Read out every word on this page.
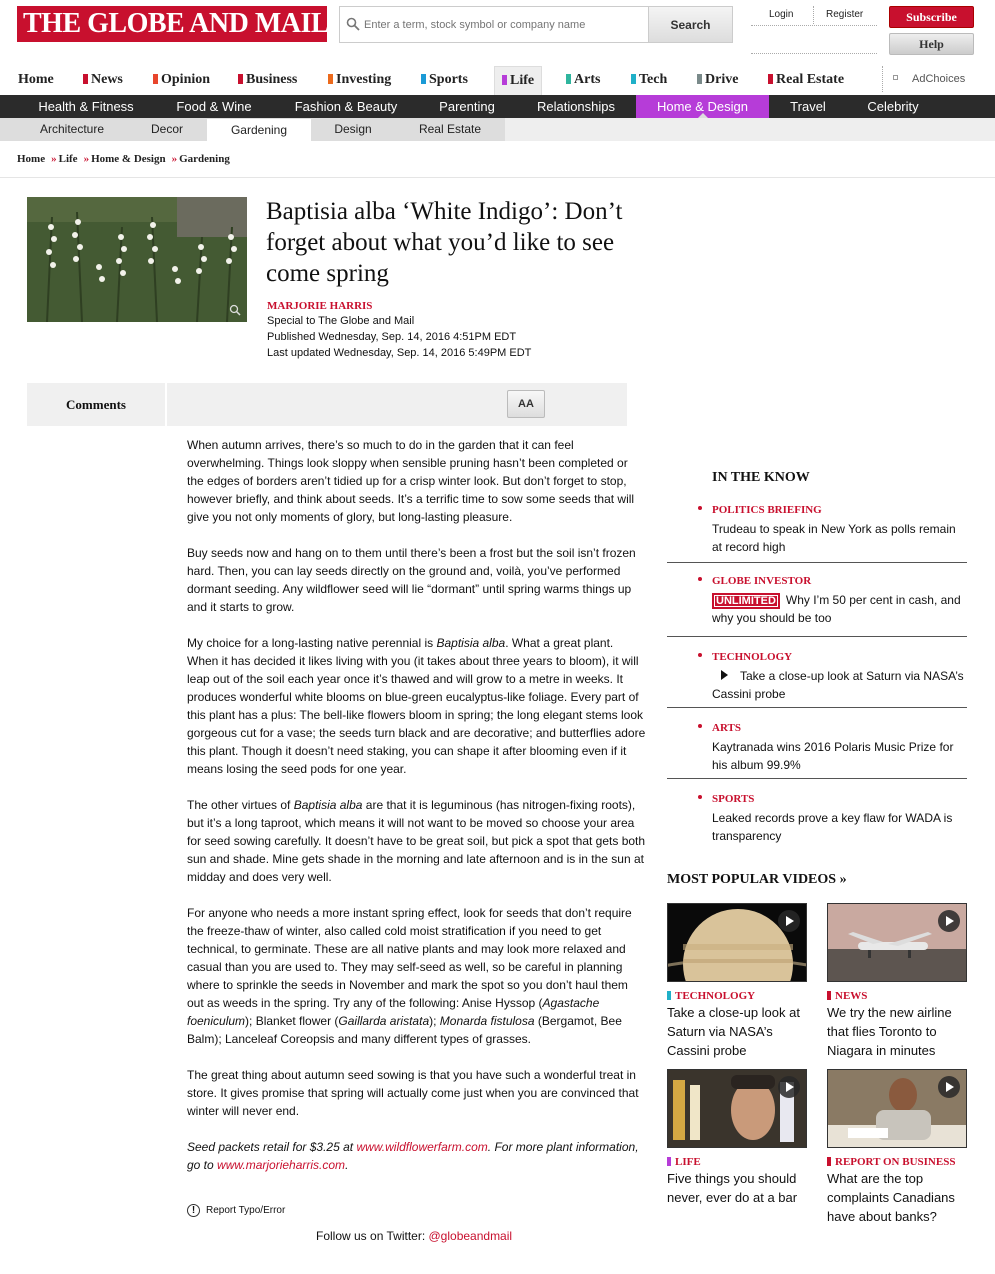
THE GLOBE AND MAIL
Enter a term, stock symbol or company name	Search
Login	Register	Subscribe
Help
Home	News	Opinion	Business	Investing	Sports	Life	Arts	Tech	Drive	Real Estate	AdChoices
Health & Fitness	Food & Wine	Fashion & Beauty	Parenting	Relationships	Home & Design	Travel	Celebrity
Architecture	Decor	Gardening	Design	Real Estate
Home » Life » Home & Design » Gardening
Baptisia alba ‘White Indigo’: Don’t forget about what you’d like to see come spring
MARJORIE HARRIS
Special to The Globe and Mail
Published Wednesday, Sep. 14, 2016 4:51PM EDT
Last updated Wednesday, Sep. 14, 2016 5:49PM EDT
Comments	AA

When autumn arrives, there’s so much to do in the garden that it can feel overwhelming. Things look sloppy when sensible pruning hasn’t been completed or the edges of borders aren’t tidied up for a crisp winter look. But don’t forget to stop, however briefly, and think about seeds. It’s a terrific time to sow some seeds that will give you not only moments of glory, but long-lasting pleasure.

Buy seeds now and hang on to them until there’s been a frost but the soil isn’t frozen hard. Then, you can lay seeds directly on the ground and, voilà, you’ve performed dormant seeding. Any wildflower seed will lie “dormant” until spring warms things up and it starts to grow.

My choice for a long-lasting native perennial is Baptisia alba. What a great plant. When it has decided it likes living with you (it takes about three years to bloom), it will leap out of the soil each year once it’s thawed and will grow to a metre in weeks. It produces wonderful white blooms on blue-green eucalyptus-like foliage. Every part of this plant has a plus: The bell-like flowers bloom in spring; the long elegant stems look gorgeous cut for a vase; the seeds turn black and are decorative; and butterflies adore this plant. Though it doesn’t need staking, you can shape it after blooming even if it means losing the seed pods for one year.

The other virtues of Baptisia alba are that it is leguminous (has nitrogen-fixing roots), but it’s a long taproot, which means it will not want to be moved so choose your area for seed sowing carefully. It doesn’t have to be great soil, but pick a spot that gets both sun and shade. Mine gets shade in the morning and late afternoon and is in the sun at midday and does very well.

For anyone who needs a more instant spring effect, look for seeds that don’t require the freeze-thaw of winter, also called cold moist stratification if you need to get technical, to germinate. These are all native plants and may look more relaxed and casual than you are used to. They may self-seed as well, so be careful in planning where to sprinkle the seeds in November and mark the spot so you don’t haul them out as weeds in the spring. Try any of the following: Anise Hyssop (Agastache foeniculum); Blanket flower (Gaillarda aristata); Monarda fistulosa (Bergamot, Bee Balm); Lanceleaf Coreopsis and many different types of grasses.

The great thing about autumn seed sowing is that you have such a wonderful treat in store. It gives promise that spring will actually come just when you are convinced that winter will never end.

Seed packets retail for $3.25 at www.wildflowerfarm.com. For more plant information, go to www.marjorieharris.com.

! Report Typo/Error
Follow us on Twitter: @globeandmail
IN THE KNOW
POLITICS BRIEFING
Trudeau to speak in New York as polls remain at record high
GLOBE INVESTOR
UNLIMITED Why I’m 50 per cent in cash, and why you should be too
TECHNOLOGY
Take a close-up look at Saturn via NASA’s Cassini probe
ARTS
Kaytranada wins 2016 Polaris Music Prize for his album 99.9%
SPORTS
Leaked records prove a key flaw for WADA is transparency
MOST POPULAR VIDEOS »
TECHNOLOGY
Take a close-up look at Saturn via NASA’s Cassini probe
NEWS
We try the new airline that flies Toronto to Niagara in minutes
LIFE
Five things you should never, ever do at a bar
REPORT ON BUSINESS
What are the top complaints Canadians have about banks?
